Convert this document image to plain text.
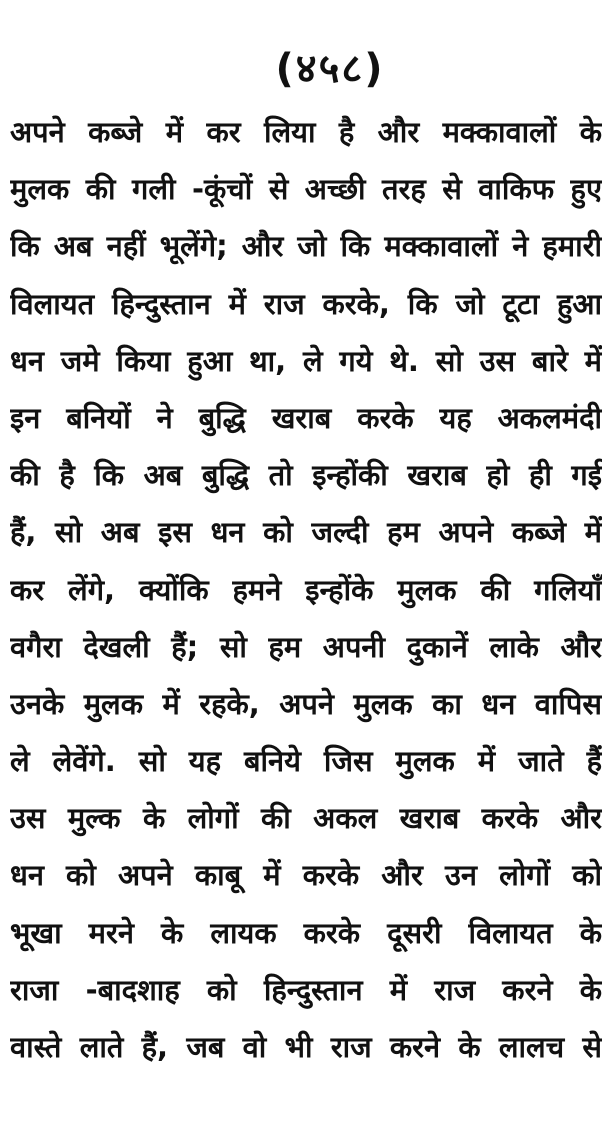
(४५८)
अपने कब्जे में कर लिया है और मक्कावालों के
मुलक की गली -कूंचों से अच्छी तरह से वाकिफ हुए
कि अब नहीं भूलेंगे; और जो कि मक्कावालों ने हमारी
विलायत हिन्दुस्तान में राज करके, कि जो टूटा हुआ
धन जमे किया हुआ था, ले गये थे. सो उस बारे में
इन बनियों ने बुद्धि खराब करके यह अकलमंदी
की है कि अब बुद्धि तो इन्होंकी खराब हो ही गई
हैं, सो अब इस धन को जल्दी हम अपने कब्जे में
कर लेंगे, क्योंकि हमने इन्होंके मुलक की गलियाँ
वगैरा देखली हैं; सो हम अपनी दुकानें लाके और
उनके मुलक में रहके, अपने मुलक का धन वापिस
ले लेवेंगे. सो यह बनिये जिस मुलक में जाते हैं
उस मुल्क के लोगों की अकल खराब करके और
धन को अपने काबू में करके और उन लोगों को
भूखा मरने के लायक करके दूसरी विलायत के
राजा -बादशाह को हिन्दुस्तान में राज करने के
वास्ते लाते हैं, जब वो भी राज करने के लालच से
